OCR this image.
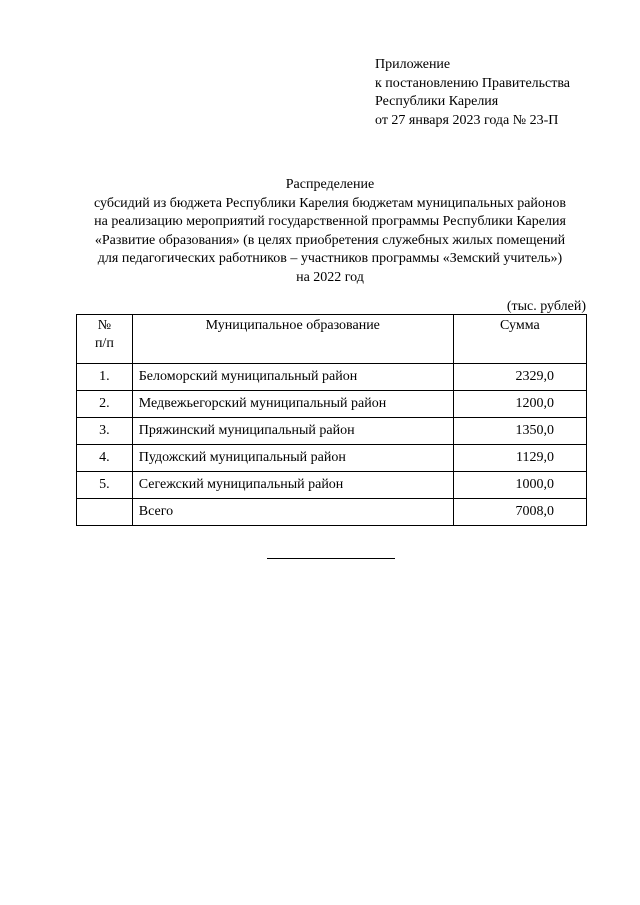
Приложение
к постановлению Правительства
Республики Карелия
от 27 января 2023 года № 23-П
Распределение
субсидий из бюджета Республики Карелия бюджетам муниципальных районов
на реализацию мероприятий государственной программы Республики Карелия
«Развитие образования» (в целях приобретения служебных жилых помещений
для педагогических работников – участников программы «Земский учитель»)
на 2022 год
(тыс. рублей)
№
п/п	Муниципальное образование	Сумма
1.	Беломорский муниципальный район	2329,0
2.	Медвежьегорский муниципальный район	1200,0
3.	Пряжинский муниципальный район	1350,0
4.	Пудожский муниципальный район	1129,0
5.	Сегежский муниципальный район	1000,0
	Всего	7008,0
